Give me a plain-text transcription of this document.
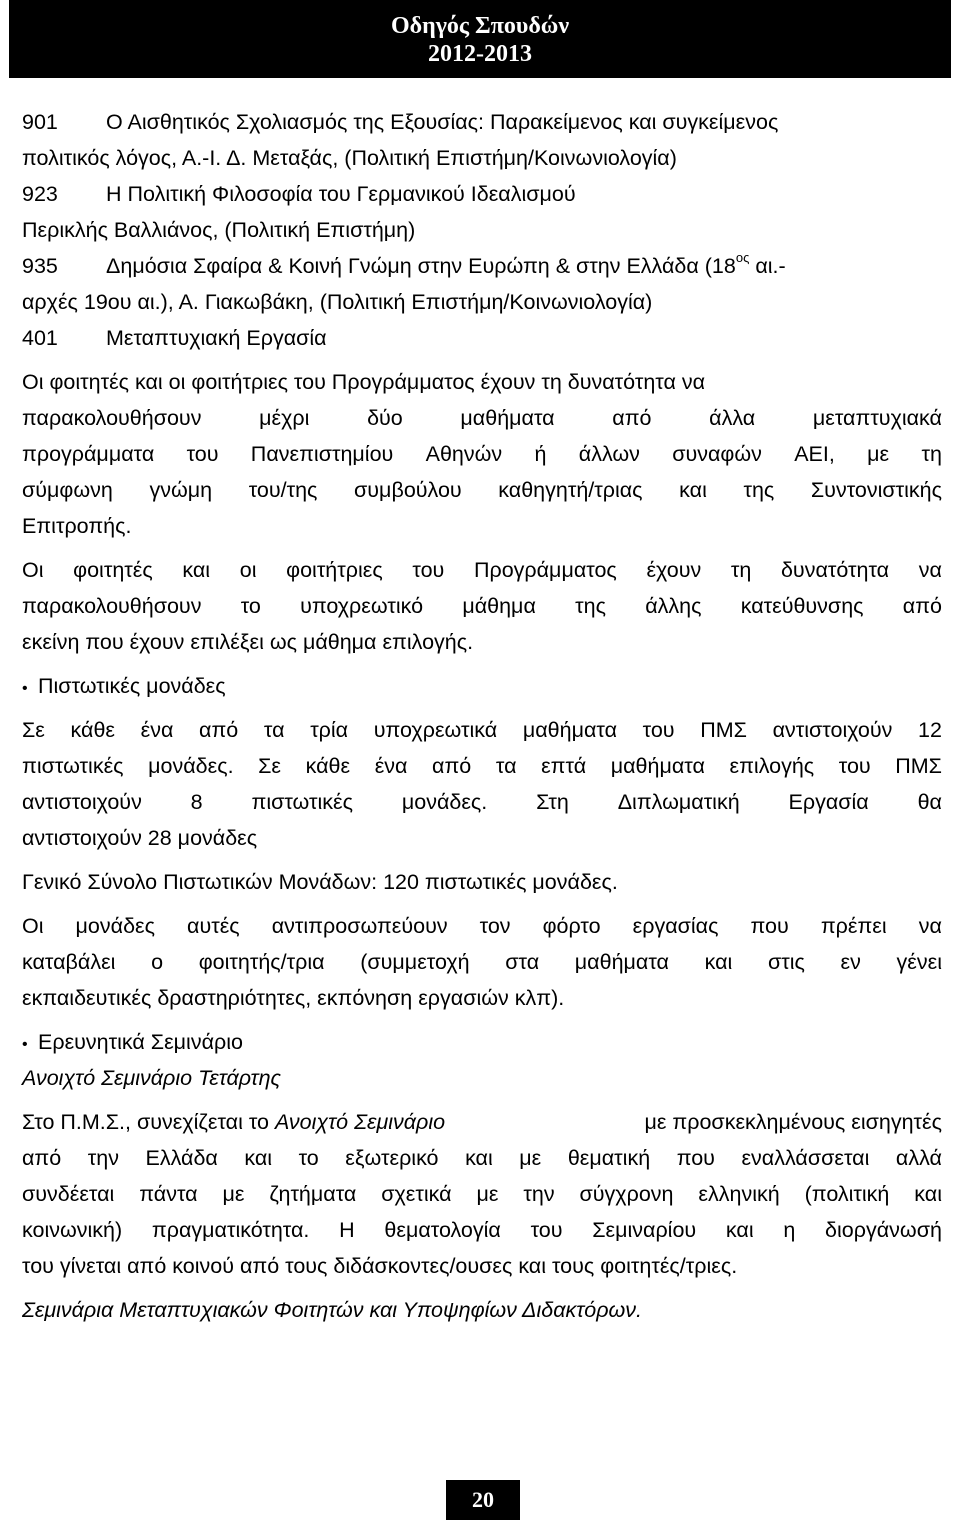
Οδηγός Σπουδών
2012-2013
901 Ο Αισθητικός Σχολιασμός της Εξουσίας: Παρακείμενος και συγκείμενος
πολιτικός λόγος, Α.-Ι. Δ. Μεταξάς, (Πολιτική Επιστήμη/Κοινωνιολογία)
923 Η Πολιτική Φιλοσοφία του Γερμανικού Ιδεαλισμού
Περικλής Βαλλιάνος, (Πολιτική Επιστήμη)
935 Δημόσια Σφαίρα & Κοινή Γνώμη στην Ευρώπη & στην Ελλάδα ($18^{o\varsigma}$ αι.-
αρχές 19ου αι.), Α. Γιακωβάκη, (Πολιτική Επιστήμη/Κοινωνιολογία)
401 Μεταπτυχιακή Εργασία
Οι φοιτητές και οι φοιτήτριες του Προγράμματος έχουν τη δυνατότητα να
παρακολουθήσουν	μέχρι	δύο	μαθήματα	από	άλλα	μεταπτυχιακά
προγράμματα του Πανεπιστημίου Αθηνών ή άλλων συναφών ΑΕΙ, με τη
σύμφωνη γνώμη του/της συμβούλου καθηγητή/τριας και της Συντονιστικής
Επιτροπής.
Οι φοιτητές και οι φοιτήτριες του Προγράμματος έχουν τη δυνατότητα να
παρακολουθήσουν το υποχρεωτικό μάθημα της άλλης κατεύθυνσης από
εκείνη που έχουν επιλέξει ως μάθημα επιλογής.
• Πιστωτικές μονάδες
Σε κάθε ένα από τα τρία υποχρεωτικά μαθήματα του ΠΜΣ αντιστοιχούν 12
πιστωτικές μονάδες. Σε κάθε ένα από τα επτά μαθήματα επιλογής του ΠΜΣ
αντιστοιχούν 8 πιστωτικές μονάδες. Στη Διπλωματική Εργασία θα
αντιστοιχούν 28 μονάδες
Γενικό Σύνολο Πιστωτικών Μονάδων: 120 πιστωτικές μονάδες.
Οι μονάδες αυτές αντιπροσωπεύουν τον φόρτο εργασίας που πρέπει να
καταβάλει ο φοιτητής/τρια (συμμετοχή στα μαθήματα και στις εν γένει
εκπαιδευτικές δραστηριότητες, εκπόνηση εργασιών κλπ).
• Ερευνητικά Σεμινάριο
Ανοιχτό Σεμινάριο Τετάρτης
Στο Π.Μ.Σ., συνεχίζεται το Ανοιχτό Σεμινάριο	με προσκεκλημένους εισηγητές
από την Ελλάδα και το εξωτερικό και με θεματική που εναλλάσσεται αλλά
συνδέεται πάντα με ζητήματα σχετικά με την σύγχρονη ελληνική (πολιτική και
κοινωνική) πραγματικότητα. Η θεματολογία του Σεμιναρίου και η διοργάνωσή
του γίνεται από κοινού από τους διδάσκοντες/ουσες και τους φοιτητές/τριες.
Σεμινάρια Μεταπτυχιακών Φοιτητών και Υποψηφίων Διδακτόρων.
20
